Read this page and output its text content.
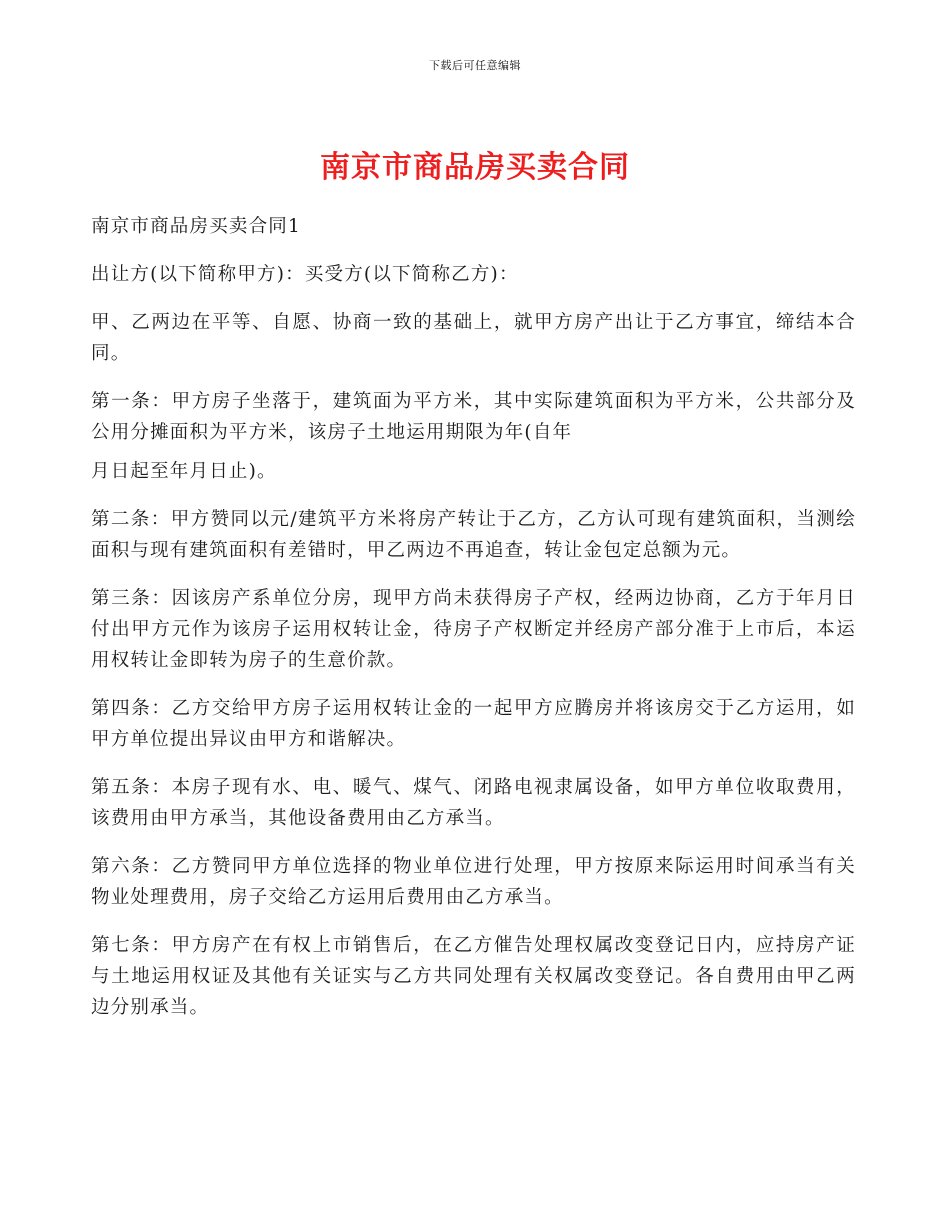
下载后可任意编辑
南京市商品房买卖合同

南京市商品房买卖合同1

出让方(以下简称甲方)：买受方(以下简称乙方)：

甲、乙两边在平等、自愿、协商一致的基础上，就甲方房产出让于乙方事宜，缔结本合同。

第一条：甲方房子坐落于，建筑面为平方米，其中实际建筑面积为平方米，公共部分及公用分摊面积为平方米，该房子土地运用期限为年(自年

月日起至年月日止)。

第二条：甲方赞同以元/建筑平方米将房产转让于乙方，乙方认可现有建筑面积，当测绘面积与现有建筑面积有差错时，甲乙两边不再追查，转让金包定总额为元。

第三条：因该房产系单位分房，现甲方尚未获得房子产权，经两边协商，乙方于年月日付出甲方元作为该房子运用权转让金，待房子产权断定并经房产部分准于上市后，本运用权转让金即转为房子的生意价款。

第四条：乙方交给甲方房子运用权转让金的一起甲方应腾房并将该房交于乙方运用，如甲方单位提出异议由甲方和谐解决。

第五条：本房子现有水、电、暖气、煤气、闭路电视隶属设备，如甲方单位收取费用，该费用由甲方承当，其他设备费用由乙方承当。

第六条：乙方赞同甲方单位选择的物业单位进行处理，甲方按原来际运用时间承当有关物业处理费用，房子交给乙方运用后费用由乙方承当。

第七条：甲方房产在有权上市销售后，在乙方催告处理权属改变登记日内，应持房产证与土地运用权证及其他有关证实与乙方共同处理有关权属改变登记。各自费用由甲乙两边分别承当。
